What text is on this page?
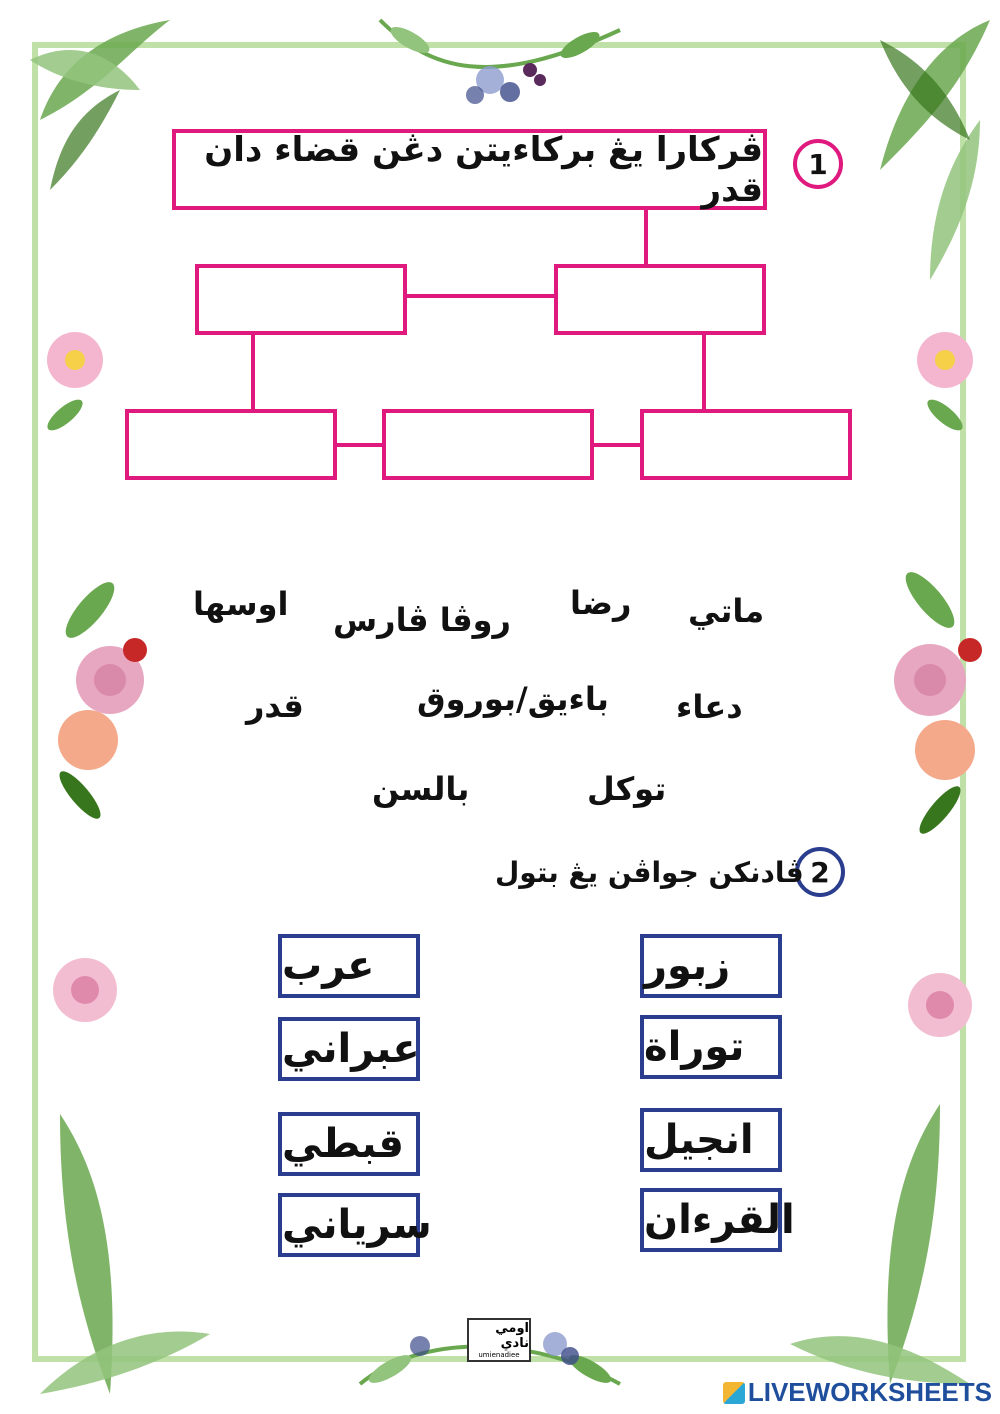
1
ڤركارا يڠ بركاءيتن دڠن قضاء دان قدر
ماتي
رضا
روڤا ڤارس
اوسها
دعاء
باءيق/بوروق
قدر
توكل
بالسن
2
ڤادنكن جواڤن يڠ بتول
زبور
توراة
انجيل
القرءان
عرب
عبراني
قبطي
سرياني
اومي نادي
umienadiee
LIVEWORKSHEETS
